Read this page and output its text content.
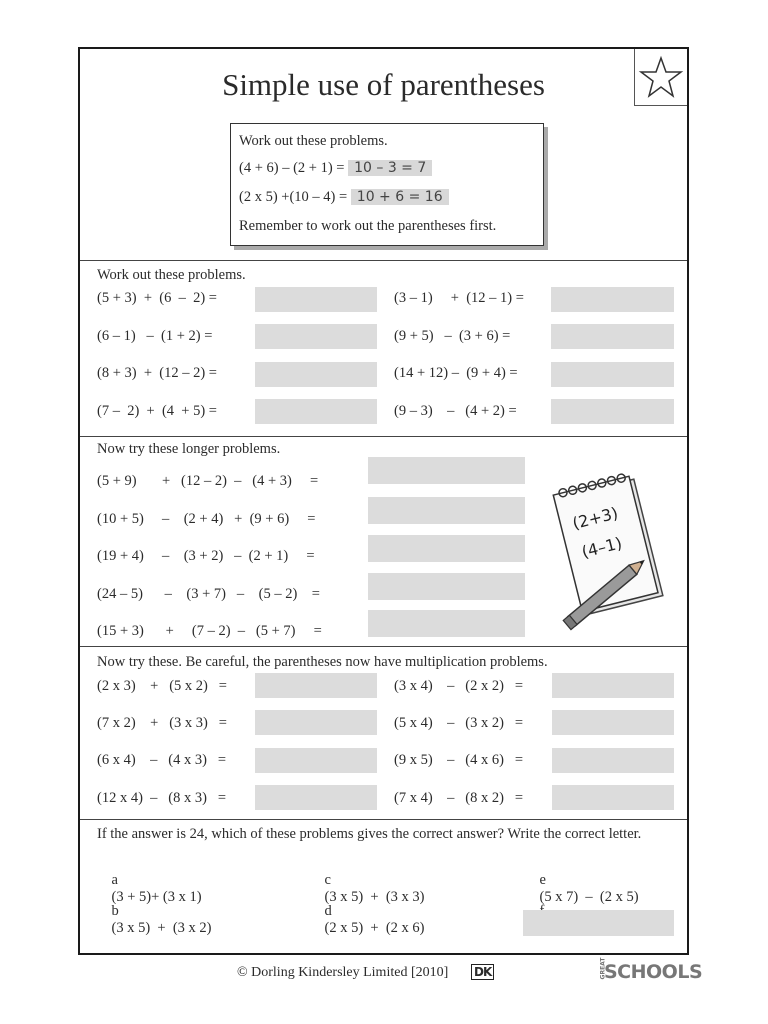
Simple use of parentheses
Work out these problems.
(4 + 6) – (2 + 1) = 10 – 3 = 7
(2 x 5) +(10 – 4) = 10 + 6 = 16
Remember to work out the parentheses first.
Work out these problems.
(5 + 3)  +  (6  –  2) =
(6 – 1)   –  (1 + 2) =
(8 + 3)  +  (12 – 2) =
(7 –  2)  +  (4  + 5) =
(3 – 1)     +  (12 – 1) =
(9 + 5)   –  (3 + 6) =
(14 + 12) –  (9 + 4) =
(9 – 3)    –   (4 + 2) =
Now try these longer problems.
(5 + 9)       +   (12 – 2)  –   (4 + 3)     =
(10 + 5)     –    (2 + 4)   +  (9 + 6)     =
(19 + 4)     –    (3 + 2)   –  (2 + 1)     =
(24 – 5)      –    (3 + 7)   –    (5 – 2)    =
(15 + 3)      +     (7 – 2)  –   (5 + 7)     =
(2+3)
(4–1)
Now try these. Be careful, the parentheses now have multiplication problems.
(2 x 3)    +   (5 x 2)   =
(7 x 2)    +   (3 x 3)   =
(6 x 4)    –   (4 x 3)   =
(12 x 4)  –   (8 x 3)   =
(3 x 4)    –   (2 x 2)   =
(5 x 4)    –   (3 x 2)   =
(9 x 5)    –   (4 x 6)   =
(7 x 4)    –   (8 x 2)   =
If the answer is 24, which of these problems gives the correct answer? Write the correct letter.

a
(3 + 5)+ (3 x 1)

b
(3 x 5)  +  (3 x 2)

c
(3 x 5)  +  (3 x 3)

d
(2 x 5)  +  (2 x 6)

e
(5 x 7)  –  (2 x 5)

© Dorling Kindersley Limited [2010] DK	GREAT
SCHOOLS
